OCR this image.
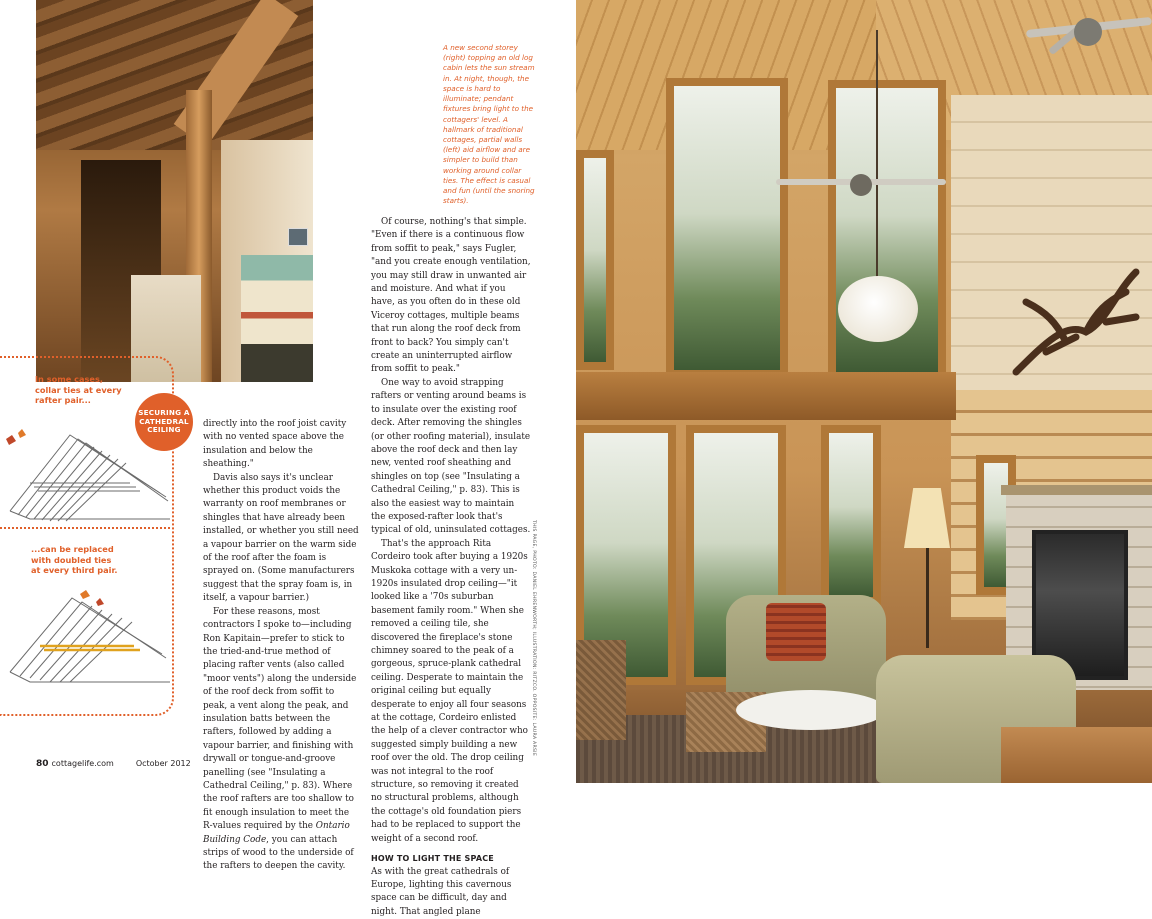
A new second storey (right) topping an old log cabin lets the sun stream in. At night, though, the space is hard to illuminate; pendant fixtures bring light to the cottagers' level. A hallmark of traditional cottages, partial walls (left) aid airflow and are simpler to build than working around collar ties. The effect is casual and fun (until the snoring starts).
SECURING A
CATHEDRAL
CEILING
In some cases, collar ties at every rafter pair...
...can be replaced with doubled ties at every third pair.

directly into the roof joist cavity with no vented space above the insulation and below the sheathing."

Davis also says it's unclear whether this product voids the warranty on roof membranes or shingles that have already been installed, or whether you still need a vapour barrier on the warm side of the roof after the foam is sprayed on. (Some manufacturers suggest that the spray foam is, in itself, a vapour barrier.)

For these reasons, most contractors I spoke to—including Ron Kapitain—prefer to stick to the tried-and-true method of placing rafter vents (also called "moor vents") along the underside of the roof deck from soffit to peak, a vent along the peak, and insulation batts between the rafters, followed by adding a vapour barrier, and finishing with drywall or tongue-and-groove panelling (see "Insulating a Cathedral Ceiling," p. 83). Where the roof rafters are too shallow to fit enough insulation to meet the R-values required by the Ontario Building Code, you can attach strips of wood to the underside of the rafters to deepen the cavity.

Of course, nothing's that simple. "Even if there is a continuous flow from soffit to peak," says Fugler, "and you create enough ventilation, you may still draw in unwanted air and moisture. And what if you have, as you often do in these old Viceroy cottages, multiple beams that run along the roof deck from front to back? You simply can't create an uninterrupted airflow from soffit to peak."

One way to avoid strapping rafters or venting around beams is to insulate over the existing roof deck. After removing the shingles (or other roofing material), insulate above the roof deck and then lay new, vented roof sheathing and shingles on top (see "Insulating a Cathedral Ceiling," p. 83). This is also the easiest way to maintain the exposed-rafter look that's typical of old, uninsulated cottages.

That's the approach Rita Cordeiro took after buying a 1920s Muskoka cottage with a very un-1920s insulated drop ceiling—"it looked like a '70s suburban basement family room." When she removed a ceiling tile, she discovered the fireplace's stone chimney soared to the peak of a gorgeous, spruce-plank cathedral ceiling. Desperate to maintain the original ceiling but equally desperate to enjoy all four seasons at the cottage, Cordeiro enlisted the help of a clever contractor who suggested simply building a new roof over the old. The drop ceiling was not integral to the roof structure, so removing it created no structural problems, although the cottage's old foundation piers had to be replaced to support the weight of a second roof.

HOW TO LIGHT THE SPACE

As with the great cathedrals of Europe, lighting this cavernous space can be difficult, day and night. That angled plane

80 cottagelife.com	October 2012
THIS PAGE, PHOTO: DANIEL EHRENWORTH; ILLUSTRATION: RITZCO. OPPOSITE: LAURA ARSIE
